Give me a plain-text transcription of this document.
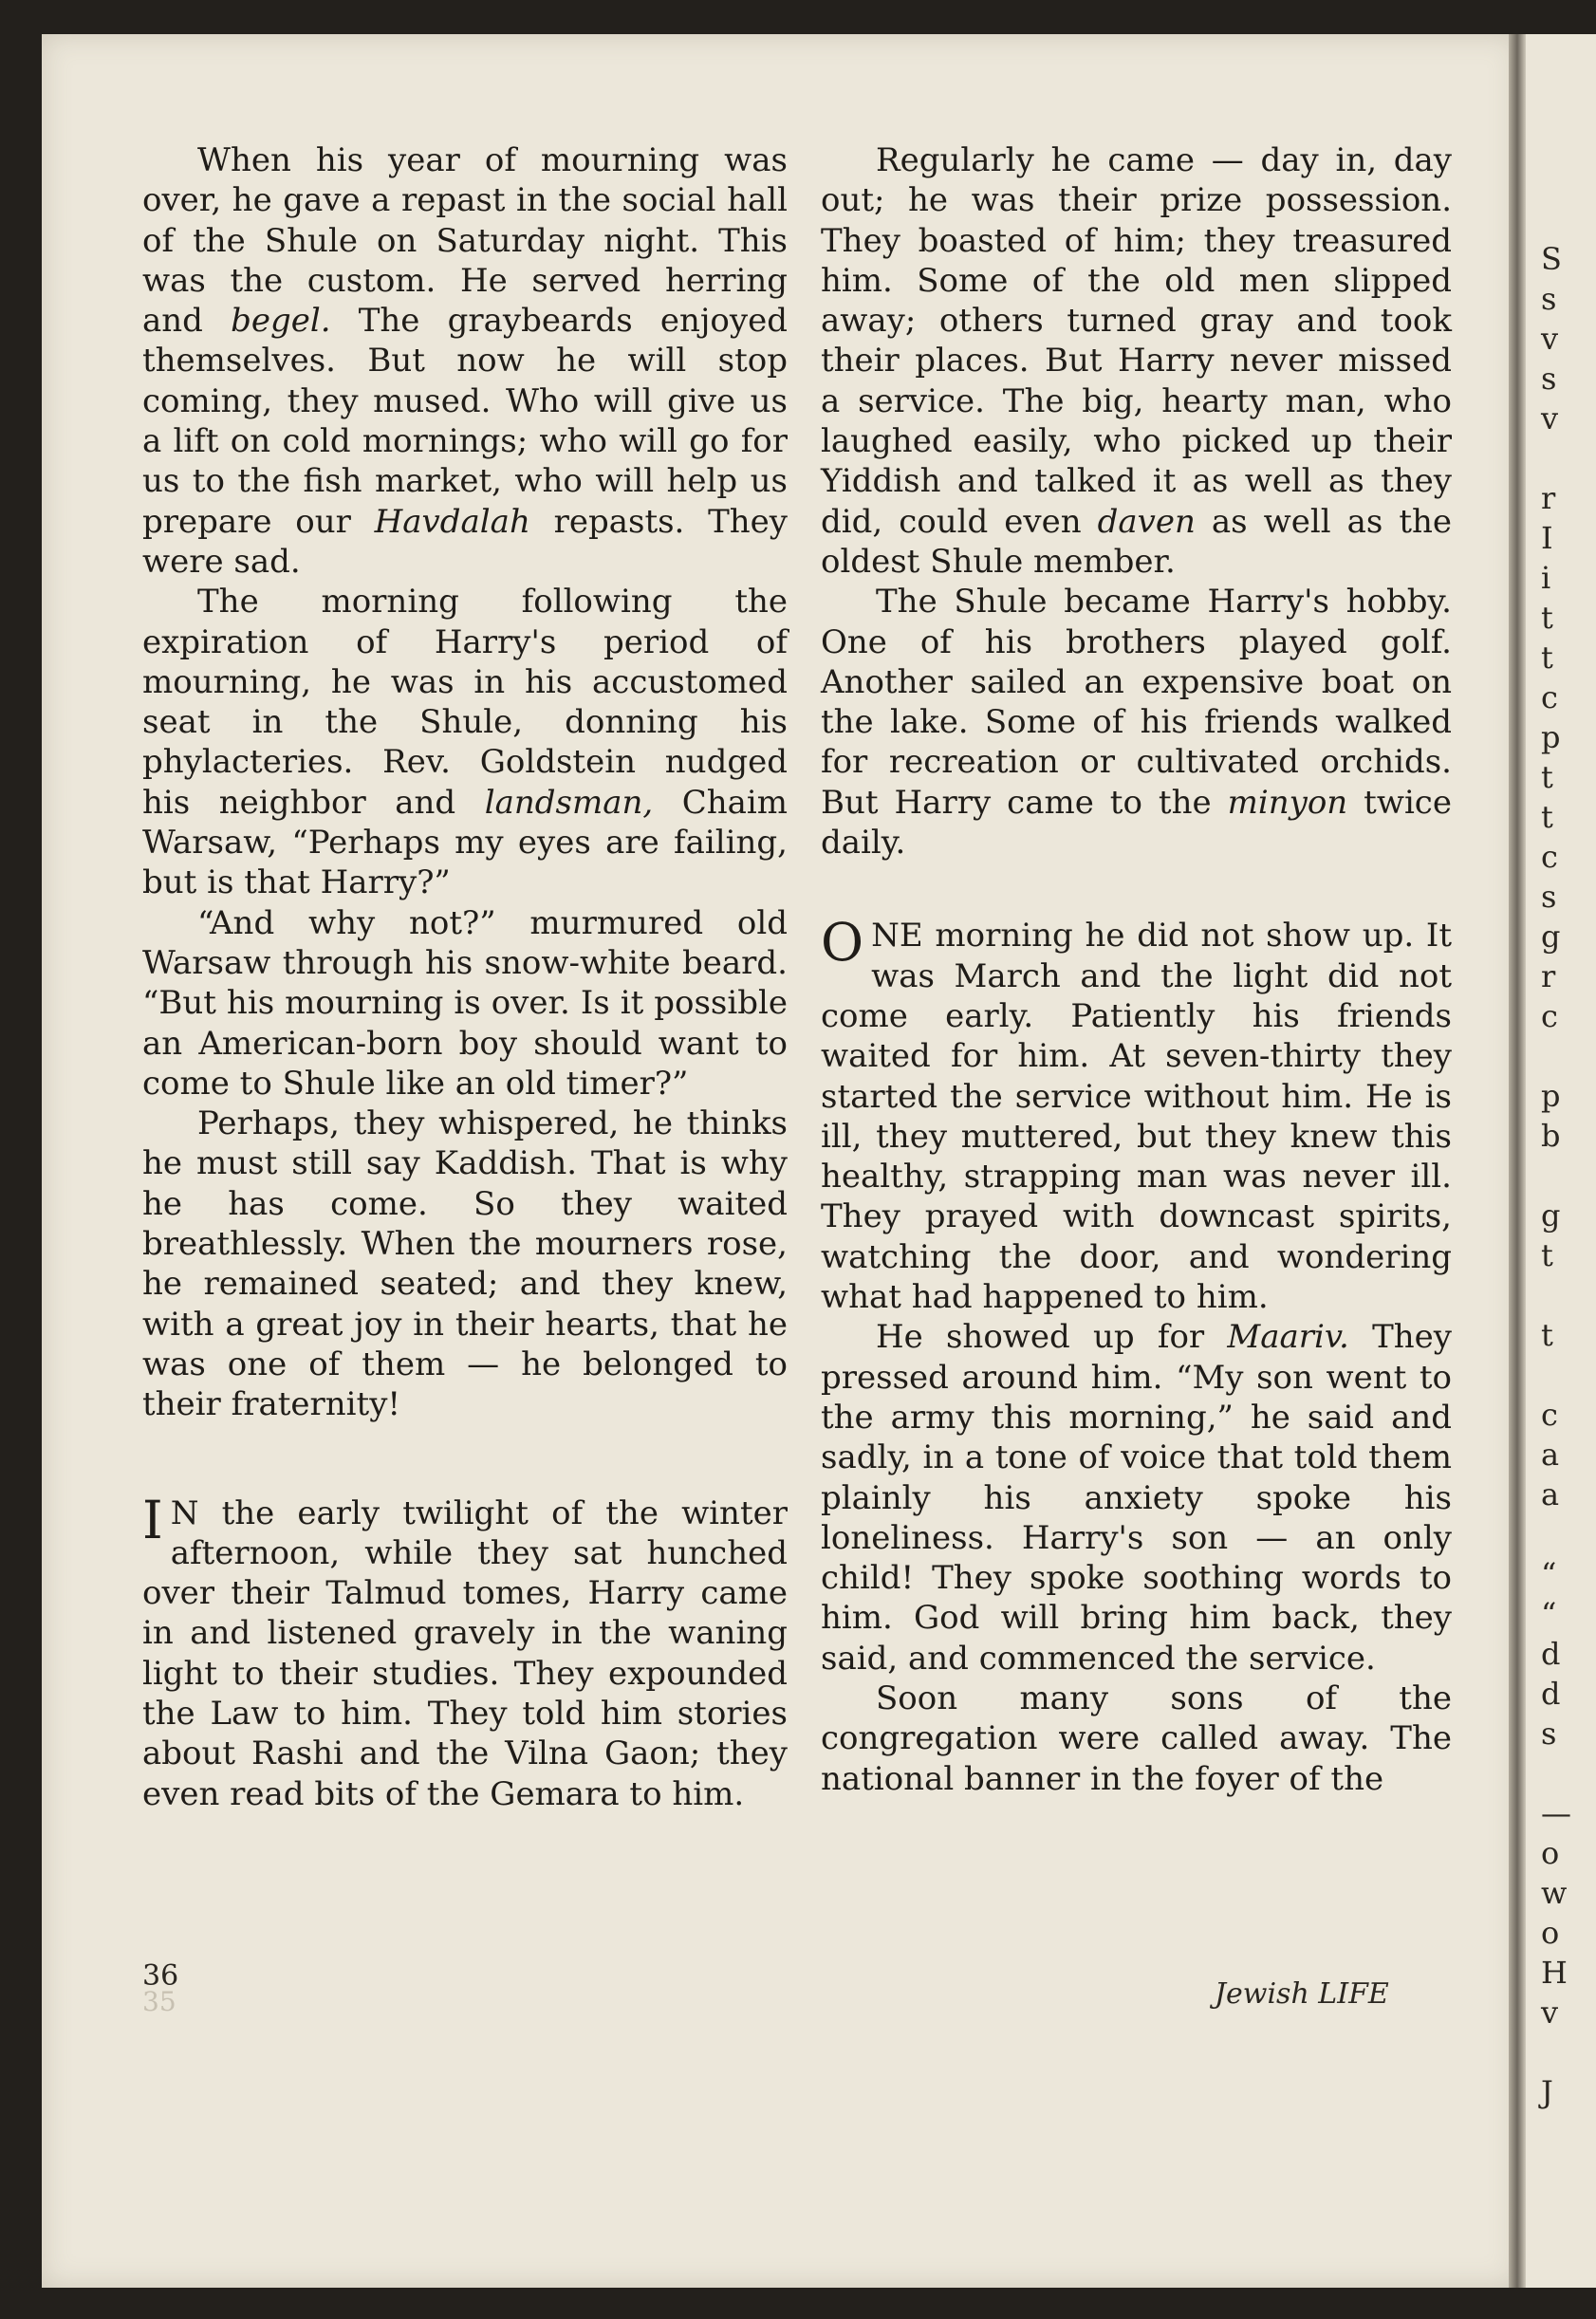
When his year of mourning was over, he gave a repast in the social hall of the Shule on Saturday night. This was the custom. He served herring and begel. The graybeards enjoyed themselves. But now he will stop coming, they mused. Who will give us a lift on cold mornings; who will go for us to the fish market, who will help us prepare our Havdalah repasts. They were sad.

The morning following the expiration of Harry's period of mourning, he was in his accustomed seat in the Shule, donning his phylacteries. Rev. Goldstein nudged his neighbor and landsman, Chaim Warsaw, “Perhaps my eyes are failing, but is that Harry?”

“And why not?” murmured old Warsaw through his snow-white beard. “But his mourning is over. Is it possible an American-born boy should want to come to Shule like an old timer?”

Perhaps, they whispered, he thinks he must still say Kaddish. That is why he has come. So they waited breathlessly. When the mourners rose, he remained seated; and they knew, with a great joy in their hearts, that he was one of them — he belonged to their fraternity!

I N the early twilight of the winter afternoon, while they sat hunched over their Talmud tomes, Harry came in and listened gravely in the waning light to their studies. They expounded the Law to him. They told him stories about Rashi and the Vilna Gaon; they even read bits of the Gemara to him.

Regularly he came — day in, day out; he was their prize possession. They boasted of him; they treasured him. Some of the old men slipped away; others turned gray and took their places. But Harry never missed a service. The big, hearty man, who laughed easily, who picked up their Yiddish and talked it as well as they did, could even daven as well as the oldest Shule member.

The Shule became Harry's hobby. One of his brothers played golf. Another sailed an expensive boat on the lake. Some of his friends walked for recreation or cultivated orchids. But Harry came to the minyon twice daily.

ONE morning he did not show up. It was March and the light did not come early. Patiently his friends waited for him. At seven-thirty they started the service without him. He is ill, they muttered, but they knew this healthy, strapping man was never ill. They prayed with downcast spirits, watching the door, and wondering what had happened to him.

He showed up for Maariv. They pressed around him. “My son went to the army this morning,” he said and sadly, in a tone of voice that told them plainly his anxiety spoke his loneliness. Harry's son — an only child! They spoke soothing words to him. God will bring him back, they said, and commenced the service.

Soon many sons of the congregation were called away. The national banner in the foyer of the

36
35	Jewish LIFE
S
s
v
s
v
r
I
i
t
t
c
p
t
t
c
s
g
r
c
p
b
g
t
t
c
a
a
“
“
d
d
s
—
o
w
o
H
v
J
